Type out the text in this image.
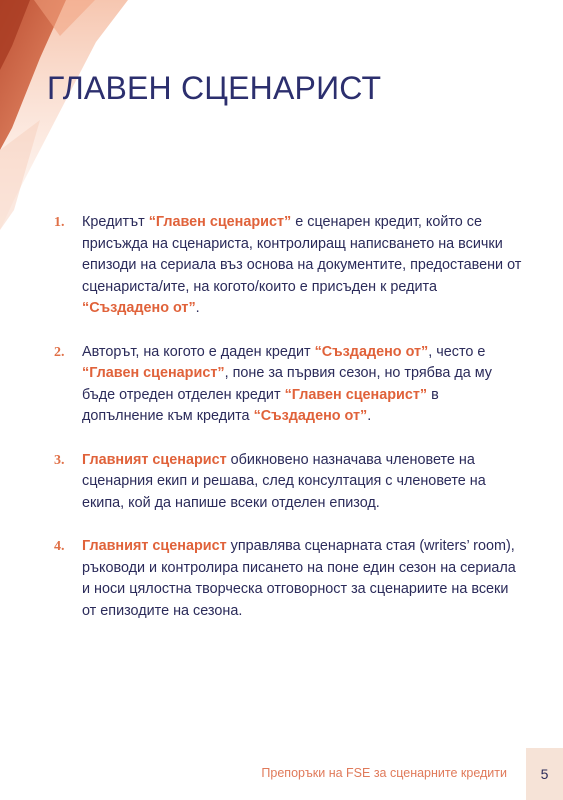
ГЛАВЕН СЦЕНАРИСТ
1. Кредитът “Главен сценарист” е сценарен кредит, който се присъжда на сценариста, контролиращ написването на всички епизоди на сериала въз основа на документите, предоставени от сценариста/ите, на когото/които е присъден к редита “Създадено от”.
2. Авторът, на когото е даден кредит “Създадено от”, често е “Главен сценарист”, поне за първия сезон, но трябва да му бъде отреден отделен кредит “Главен сценарист” в допълнение към кредита “Създадено от”.
3. Главният сценарист обикновено назначава членовете на сценарния екип и решава, след консултация с членовете на екипа, кой да напише всеки отделен епизод.
4. Главният сценарист управлява сценарната стая (writers’ room), ръководи и контролира писането на поне един сезон на сериала и носи цялостна творческа отговорност за сценариите на всеки от епизодите на сезона.
Препоръки на FSE за сценарните кредити 5
